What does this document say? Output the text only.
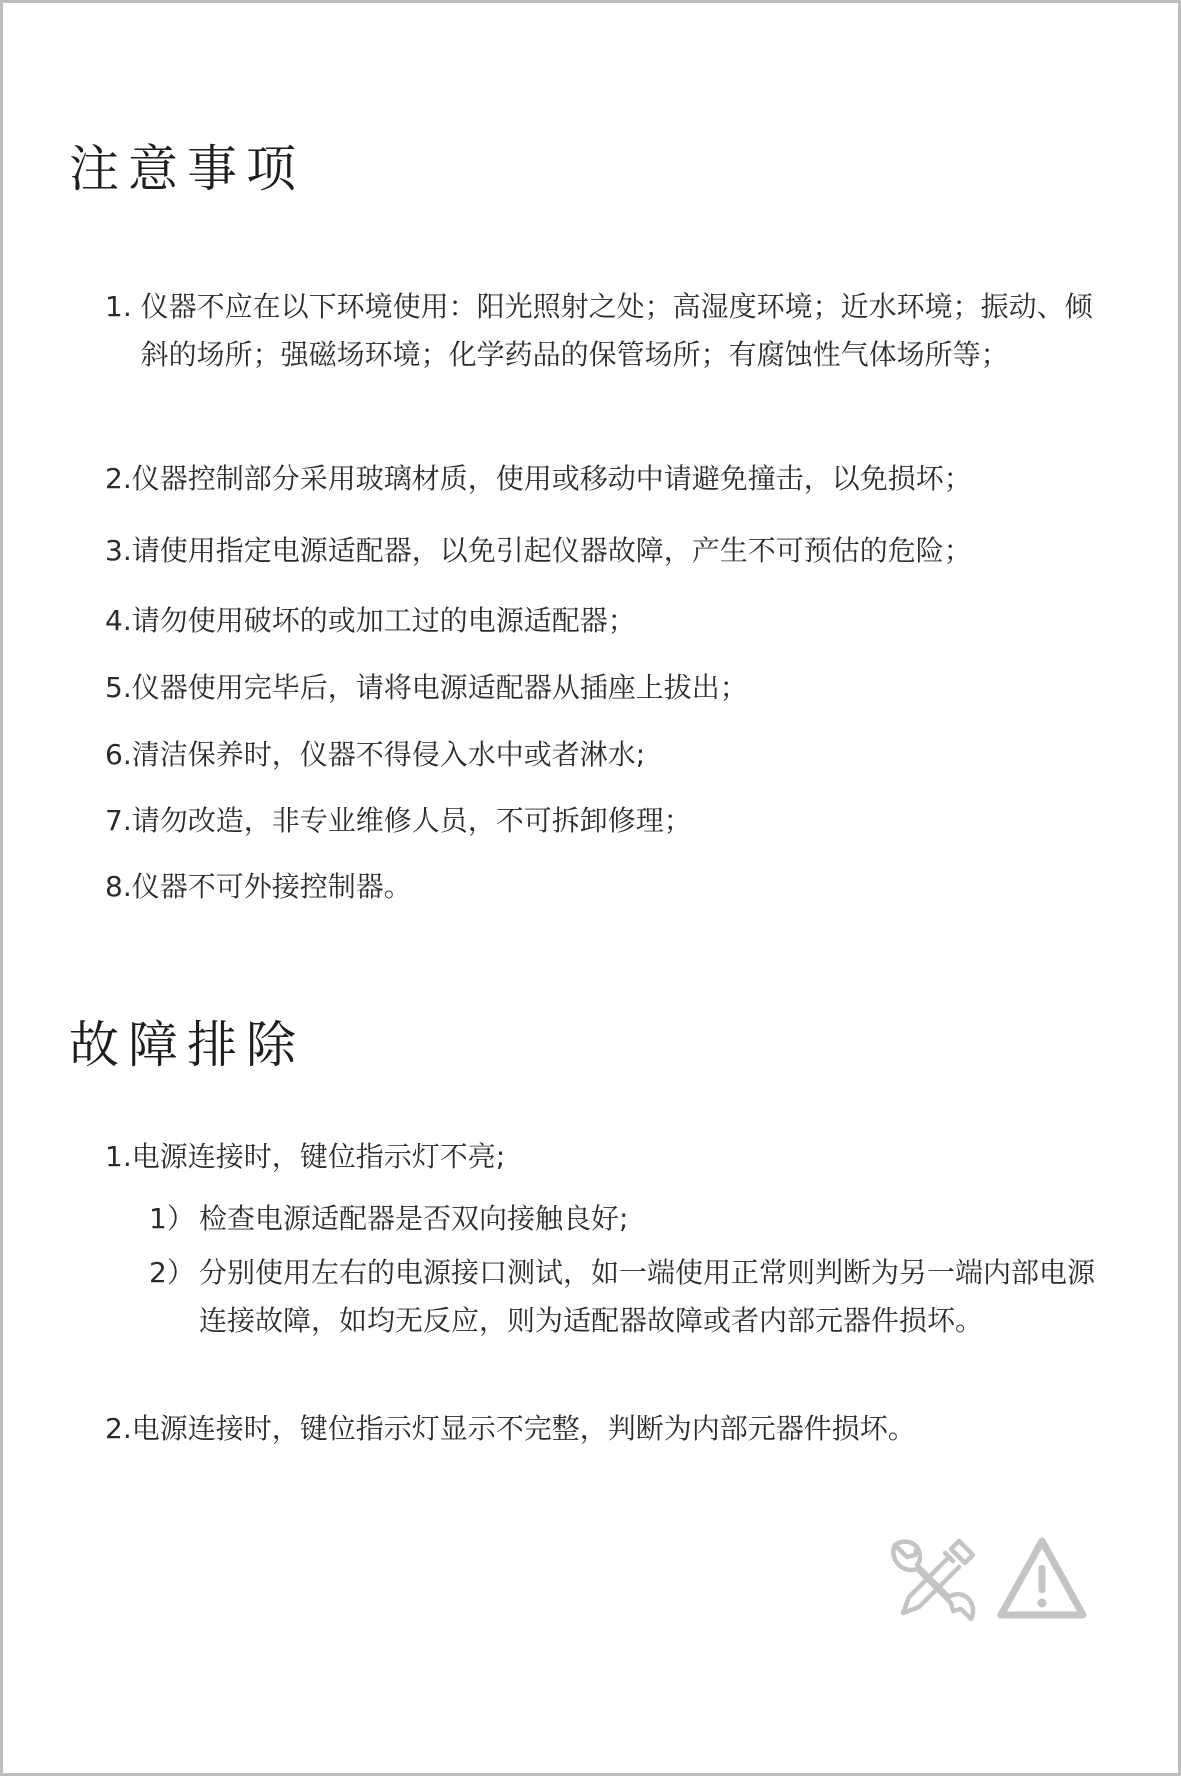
注意事项
1. 仪器不应在以下环境使用：阳光照射之处；高湿度环境；近水环境；振动、倾斜的场所；强磁场环境；化学药品的保管场所；有腐蚀性气体场所等；
2. 仪器控制部分采用玻璃材质，使用或移动中请避免撞击，以免损坏；
3. 请使用指定电源适配器，以免引起仪器故障，产生不可预估的危险；
4. 请勿使用破坏的或加工过的电源适配器；
5. 仪器使用完毕后，请将电源适配器从插座上拔出；
6. 清洁保养时，仪器不得侵入水中或者淋水;
7. 请勿改造，非专业维修人员，不可拆卸修理；
8. 仪器不可外接控制器。
故障排除
1. 电源连接时，键位指示灯不亮;
1） 检查电源适配器是否双向接触良好;
2） 分别使用左右的电源接口测试，如一端使用正常则判断为另一端内部电源连接故障，如均无反应，则为适配器故障或者内部元器件损坏。
2. 电源连接时，键位指示灯显示不完整，判断为内部元器件损坏。
